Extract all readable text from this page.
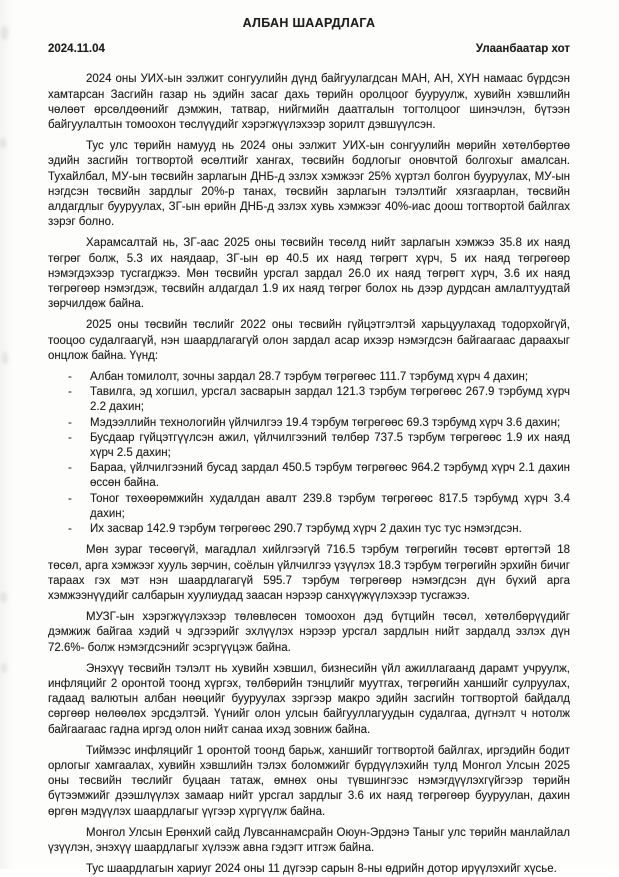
АЛБАН ШААРДЛАГА
2024.11.04	Улаанбаатар хот

2024 оны УИХ-ын ээлжит сонгуулийн дүнд байгуулагдсан МАН, АН, ХҮН намаас бүрдсэн хамтарсан Засгийн газар нь эдийн засаг дахь төрийн оролцоог бууруулж, хувийн хэвшлийн чөлөөт өрсөлдөөнийг дэмжин, татвар, нийгмийн даатгалын тогтолцоог шинэчлэн, бүтээн байгуулалтын томоохон төслүүдийг хэрэгжүүлэхээр зорилт дэвшүүлсэн.

Тус улс төрийн намууд нь 2024 оны ээлжит УИХ-ын сонгуулийн мөрийн хөтөлбөртөө эдийн засгийн тогтвортой өсөлтийг хангах, төсвийн бодлогыг оновчтой болгохыг амалсан. Тухайлбал, МУ-ын төсвийн зарлагын ДНБ-д эзлэх хэмжээг 25% хүртэл болгон бууруулах, МУ-ын нэгдсэн төсвийн зардлыг 20%-р танах, төсвийн зарлагын тэлэлтийг хязгаарлан, төсвийн алдагдлыг бууруулах, ЗГ-ын өрийн ДНБ-д эзлэх хувь хэмжээг 40%-иас доош тогтвортой байлгах зэрэг болно.

Харамсалтай нь, ЗГ-аас 2025 оны төсвийн төсөлд нийт зарлагын хэмжээ 35.8 их наяд төгрөг болж, 5.3 их наядаар, ЗГ-ын өр 40.5 их наяд төгрөгт хүрч, 5 их наяд төгрөгөөр нэмэгдэхээр тусгагджээ. Мөн төсвийн урсгал зардал 26.0 их наяд төгрөгт хүрч, 3.6 их наяд төгрөгөөр нэмэгдэж, төсвийн алдагдал 1.9 их наяд төгрөг болох нь дээр дурдсан амлалтуудтай зөрчилдөж байна.

2025 оны төсвийн төслийг 2022 оны төсвийн гүйцэтгэлтэй харьцуулахад тодорхойгүй, тооцоо судалгаагүй, нэн шаардлагагүй олон зардал асар ихээр нэмэгдсэн байгаагаас дараахыг онцлож байна. Үүнд:

-	Албан томилолт, зочны зардал 28.7 тэрбум төгрөгөөс 111.7 тэрбумд хүрч 4 дахин;
-	Тавилга, эд хогшил, урсгал засварын зардал 121.3 тэрбум төгрөгөөс 267.9 тэрбумд хүрч 2.2 дахин;
-	Мэдээллийн технологийн үйлчилгээ 19.4 тэрбум төгрөгөөс 69.3 тэрбумд хүрч 3.6 дахин;
-	Бусдаар гүйцэтгүүлсэн ажил, үйлчилгээний төлбөр 737.5 тэрбум төгрөгөөс 1.9 их наяд хүрч 2.5 дахин;
-	Бараа, үйлчилгээний бусад зардал 450.5 тэрбум төгрөгөөс 964.2 тэрбумд хүрч 2.1 дахин өссөн байна.
-	Тоног төхөөрөмжийн худалдан авалт 239.8 тэрбум төгрөгөөс 817.5 тэрбумд хүрч 3.4 дахин;
-	Их засвар 142.9 тэрбум төгрөгөөс 290.7 тэрбумд хүрч 2 дахин тус тус нэмэгдсэн.

Мөн зураг төсөөгүй, магадлал хийлгээгүй 716.5 тэрбум төгрөгийн төсөвт өртөгтэй 18 төсөл, арга хэмжээг хууль зөрчин, соёлын үйлчилгээ үзүүлэх 18.3 тэрбум төгрөгийн эрхийн бичиг тараах гэх мэт нэн шаардлагагүй 595.7 тэрбум төгрөгөөр нэмэгдсэн дүн бүхий арга хэмжээнүүдийг салбарын хуулиудад заасан нэрээр санхүүжүүлэхээр тусгажээ.

МУЗГ-ын хэрэгжүүлэхээр төлөвлөсөн томоохон дэд бүтцийн төсөл, хөтөлбөрүүдийг дэмжиж байгаа хэдий ч эдгээрийг эхлүүлэх нэрээр урсгал зардлын нийт зардалд эзлэх дүн 72.6%- болж нэмэгдсэнийг эсэргүүцэж байна.

Энэхүү төсвийн тэлэлт нь хувийн хэвшил, бизнесийн үйл ажиллагаанд дарамт учруулж, инфляцийг 2 оронтой тоонд хүргэх, төлбөрийн тэнцлийг муутгах, төгрөгийн ханшийг сулруулах, гадаад валютын албан нөөцийг бууруулах зэргээр макро эдийн засгийн тогтвортой байдалд сөргөөр нөлөөлөх эрсдэлтэй. Үүнийг олон улсын байгууллагуудын судалгаа, дүгнэлт ч нотолж байгаагаас гадна иргэд олон нийт санаа ихэд зовниж байна.

Тиймээс инфляцийг 1 оронтой тоонд барьж, ханшийг тогтвортой байлгах, иргэдийн бодит орлогыг хамгаалах, хувийн хэвшлийн тэлэх боломжийг бүрдүүлэхийн тулд Монгол Улсын 2025 оны төсвийн төслийг буцаан татаж, өмнөх оны түвшингээс нэмэгдүүлэхгүйгээр төрийн бүтээмжийг дээшлүүлэх замаар нийт урсгал зардлыг 3.6 их наяд төгрөгөөр бууруулан, дахин өргөн мэдүүлэх шаардлагыг үүгээр хүргүүлж байна.

Монгол Улсын Ерөнхий сайд Лувсаннамсрайн Оюун-Эрдэнэ Таныг улс төрийн манлайлал үзүүлэн, энэхүү шаардлагыг хүлээж авна гэдэгт итгэж байна.

Тус шаардлагын хариуг 2024 оны 11 дүгээр сарын 8-ны өдрийн дотор ирүүлэхийг хүсье.
